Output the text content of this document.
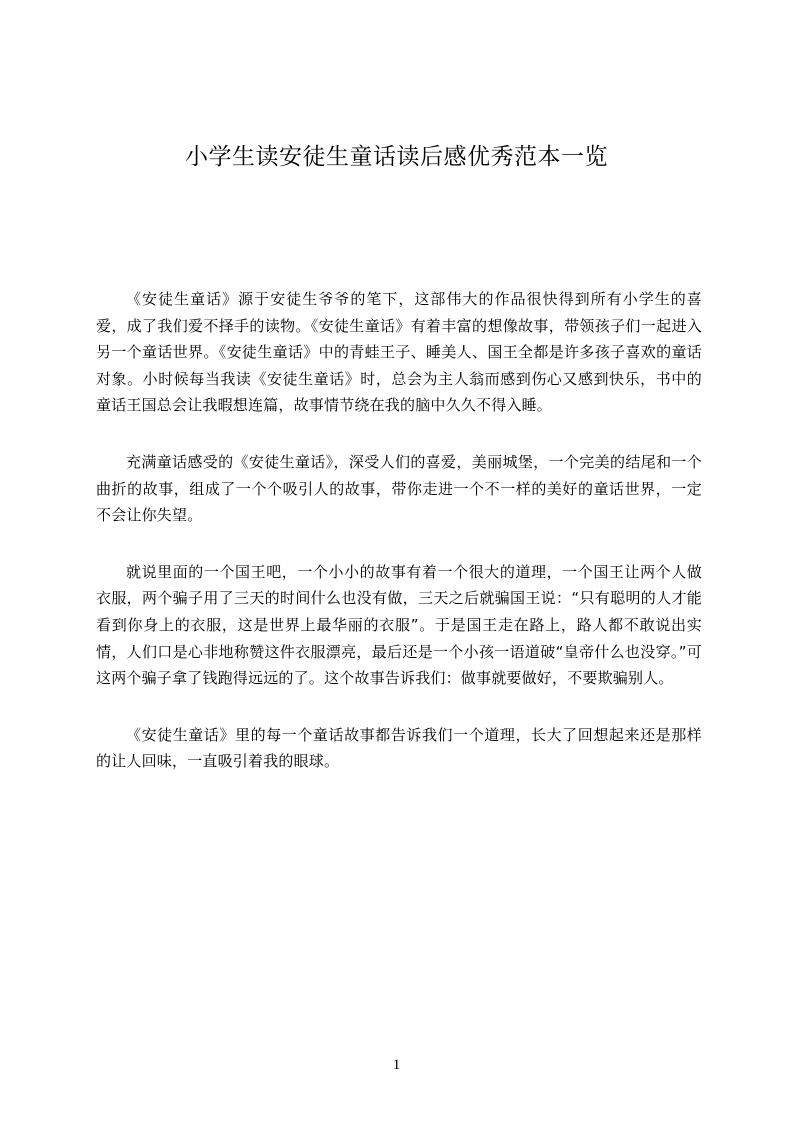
小学生读安徒生童话读后感优秀范本一览

《安徒生童话》源于安徒生爷爷的笔下，这部伟大的作品很快得到所有小学生的喜爱，成了我们爱不择手的读物。《安徒生童话》有着丰富的想像故事，带领孩子们一起进入另一个童话世界。《安徒生童话》中的青蛙王子、睡美人、国王全都是许多孩子喜欢的童话对象。小时候每当我读《安徒生童话》时，总会为主人翁而感到伤心又感到快乐，书中的童话王国总会让我暇想连篇，故事情节绕在我的脑中久久不得入睡。

充满童话感受的《安徒生童话》，深受人们的喜爱，美丽城堡，一个完美的结尾和一个曲折的故事，组成了一个个吸引人的故事，带你走进一个不一样的美好的童话世界，一定不会让你失望。

就说里面的一个国王吧，一个小小的故事有着一个很大的道理，一个国王让两个人做衣服，两个骗子用了三天的时间什么也没有做，三天之后就骗国王说：“只有聪明的人才能看到你身上的衣服，这是世界上最华丽的衣服”。于是国王走在路上，路人都不敢说出实情，人们口是心非地称赞这件衣服漂亮，最后还是一个小孩一语道破“皇帝什么也没穿。”可这两个骗子拿了钱跑得远远的了。这个故事告诉我们：做事就要做好，不要欺骗别人。

《安徒生童话》里的每一个童话故事都告诉我们一个道理，长大了回想起来还是那样的让人回味，一直吸引着我的眼球。

1
